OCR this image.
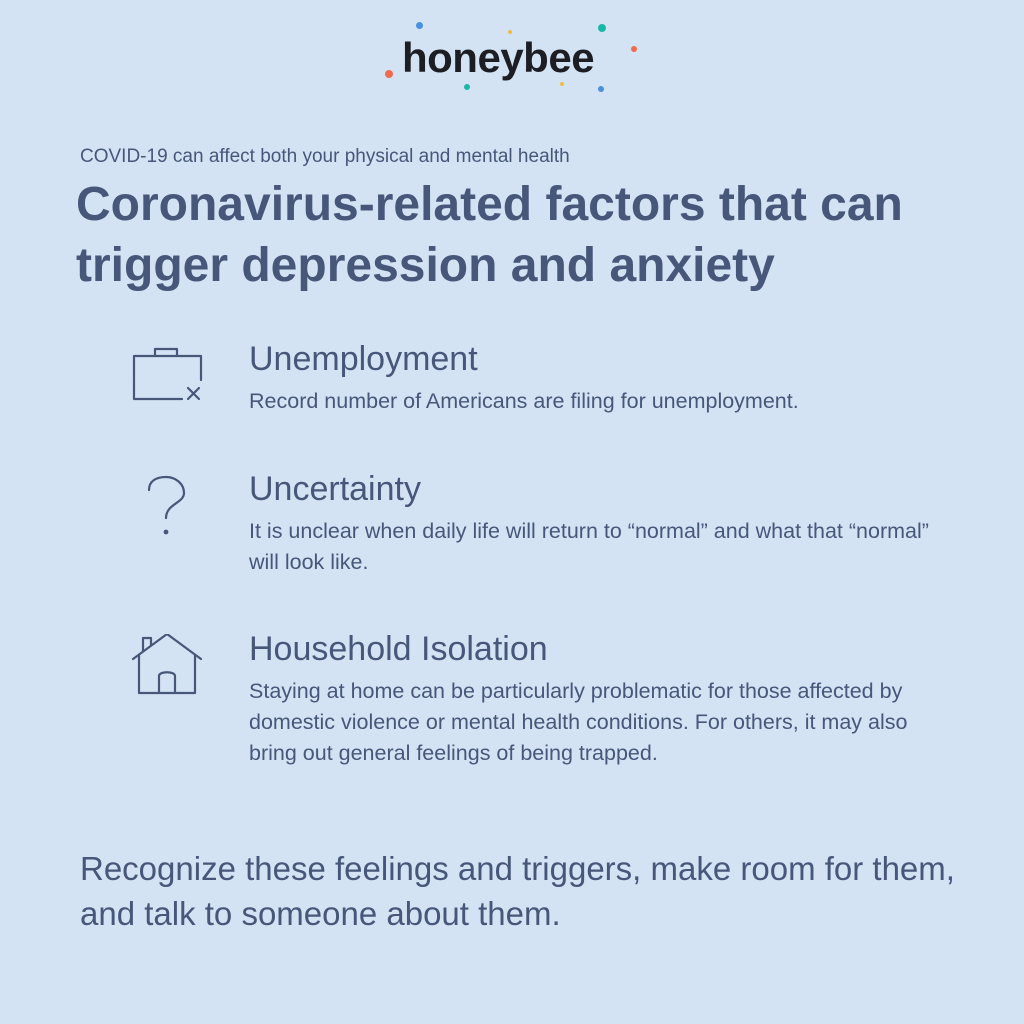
honeybee
COVID-19 can affect both your physical and mental health
Coronavirus-related factors that can trigger depression and anxiety
Unemployment
Record number of Americans are filing for unemployment.
Uncertainty
It is unclear when daily life will return to “normal” and what that “normal” will look like.
Household Isolation
Staying at home can be particularly problematic for those affected by domestic violence or mental health conditions. For others, it may also bring out general feelings of being trapped.
Recognize these feelings and triggers, make room for them, and talk to someone about them.
